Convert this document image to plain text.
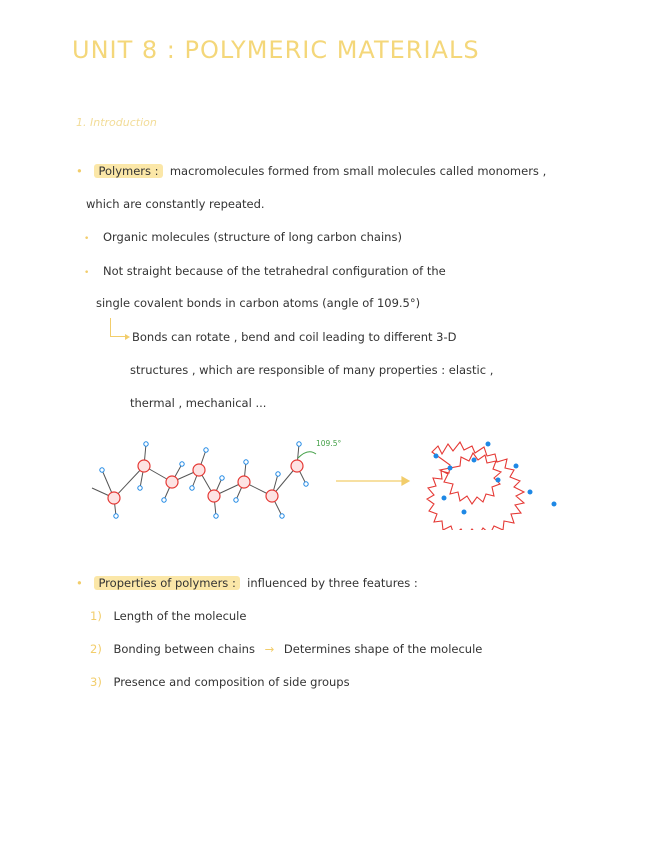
UNIT 8 : POLYMERIC MATERIALS
1. Introduction
• Polymers : macromolecules formed from small molecules called monomers ,
which are constantly repeated.
• Organic molecules (structure of long carbon chains)
• Not straight because of the tetrahedral configuration of the
single covalent bonds in carbon atoms (angle of 109.5°)
Bonds can rotate , bend and coil leading to different 3-D
structures , which are responsible of many properties : elastic ,
thermal , mechanical ...
109.5°
• Properties of polymers : influenced by three features :
1) Length of the molecule
2) Bonding between chains → Determines shape of the molecule
3) Presence and composition of side groups
